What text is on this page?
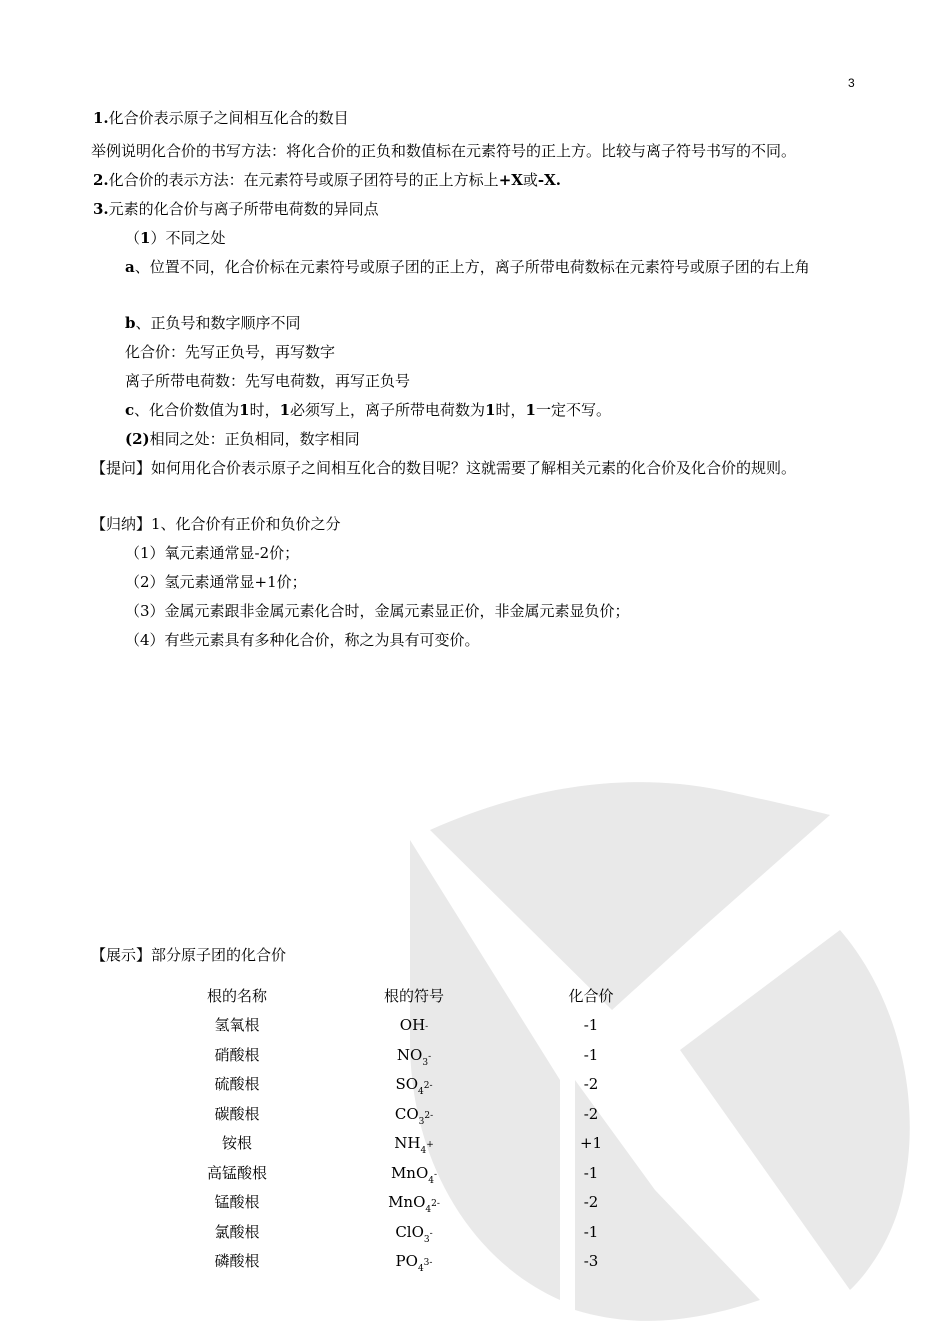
3
1.化合价表示原子之间相互化合的数目
举例说明化合价的书写方法：将化合价的正负和数值标在元素符号的正上方。比较与离子符号书写的不同。
2.化合价的表示方法：在元素符号或原子团符号的正上方标上+X或-X.
3.元素的化合价与离子所带电荷数的异同点
（1）不同之处
a、位置不同，化合价标在元素符号或原子团的正上方，离子所带电荷数标在元素符号或原子团的右上角
b、正负号和数字顺序不同
化合价：先写正负号，再写数字
离子所带电荷数：先写电荷数，再写正负号
c、化合价数值为1时，1必须写上，离子所带电荷数为1时，1一定不写。
(2)相同之处：正负相同，数字相同
【提问】如何用化合价表示原子之间相互化合的数目呢？这就需要了解相关元素的化合价及化合价的规则。
【归纳】1、化合价有正价和负价之分
（1）氧元素通常显-2价；
（2）氢元素通常显+1价；
（3）金属元素跟非金属元素化合时，金属元素显正价，非金属元素显负价；
（4）有些元素具有多种化合价，称之为具有可变价。
【展示】部分原子团的化合价
根的名称	根的符号	化合价
氢氧根	OH-	-1
硝酸根	$NO_3-$	-1
硫酸根	$SO_42-$	-2
碳酸根	$CO_32-$	-2
铵根	$NH_4+$	+1
高锰酸根	MnO$_4$-	-1
锰酸根	MnO$_4$2-	-2
氯酸根	ClO$_3$-	-1
磷酸根	$PO_43-$	-3
